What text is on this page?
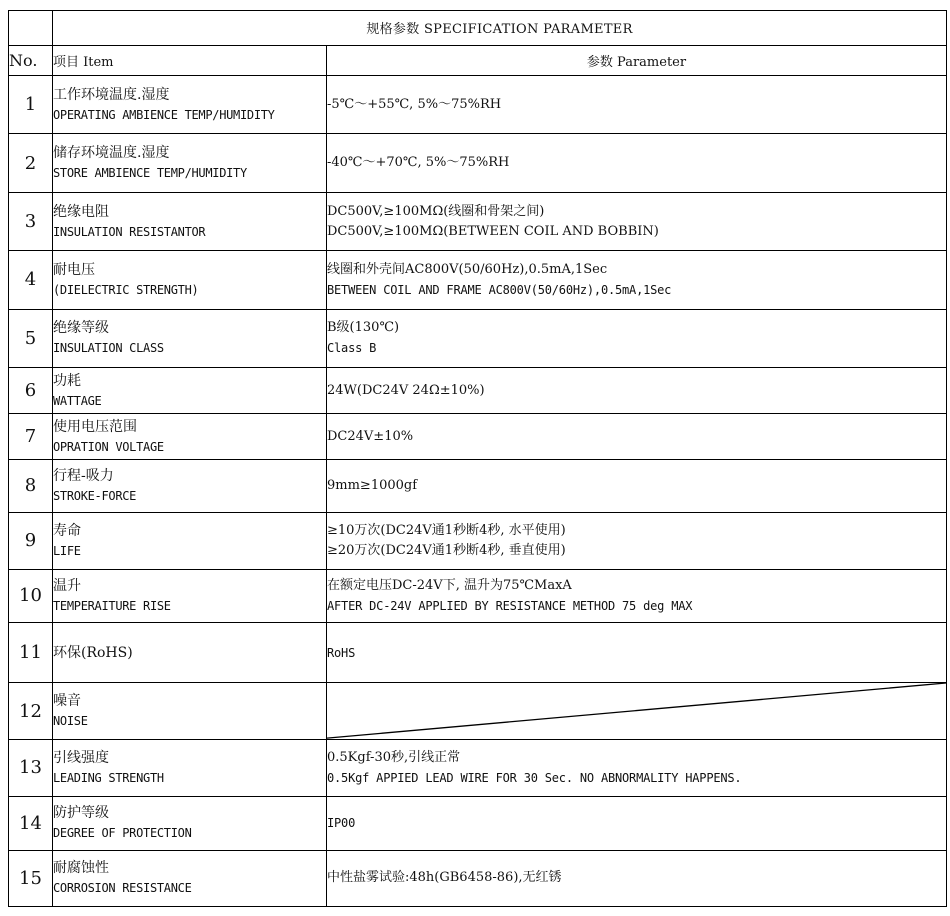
	规格参数 SPECIFICATION PARAMETER	
No.	项目 Item	参数 Parameter
1	工作环境温度.湿度
OPERATING AMBIENCE TEMP/HUMIDITY	-5℃～+55℃, 5%～75%RH

2	储存环境温度.湿度
STORE AMBIENCE TEMP/HUMIDITY	-40℃～+70℃, 5%～75%RH

3	绝缘电阻
INSULATION RESISTANTOR	DC500V,≥100MΩ(线圈和骨架之间)
DC500V,≥100MΩ(BETWEEN COIL AND BOBBIN)

4	耐电压
(DIELECTRIC STRENGTH)	线圈和外壳间AC800V(50/60Hz),0.5mA,1Sec
BETWEEN COIL AND FRAME AC800V(50/60Hz),0.5mA,1Sec

5	绝缘等级
INSULATION CLASS	B级(130℃)
Class B

6	功耗
WATTAGE	24W(DC24V 24Ω±10%)

7	使用电压范围
OPRATION VOLTAGE	DC24V±10%

8	行程-吸力
STROKE-FORCE	9mm≥1000gf

9	寿命
LIFE	≥10万次(DC24V通1秒断4秒, 水平使用)
≥20万次(DC24V通1秒断4秒, 垂直使用)

10	温升
TEMPERAITURE RISE	在额定电压DC-24V下, 温升为75℃MaxA
AFTER DC-24V APPLIED BY RESISTANCE METHOD 75 deg MAX

11	环保(RoHS)	RoHS

12	噪音
NOISE

13	引线强度
LEADING STRENGTH	0.5Kgf-30秒,引线正常
0.5Kgf APPIED LEAD WIRE FOR 30 Sec. NO ABNORMALITY HAPPENS.

14	防护等级
DEGREE OF PROTECTION	IP00

15	耐腐蚀性
CORROSION RESISTANCE	中性盐雾试验:48h(GB6458-86),无红锈
